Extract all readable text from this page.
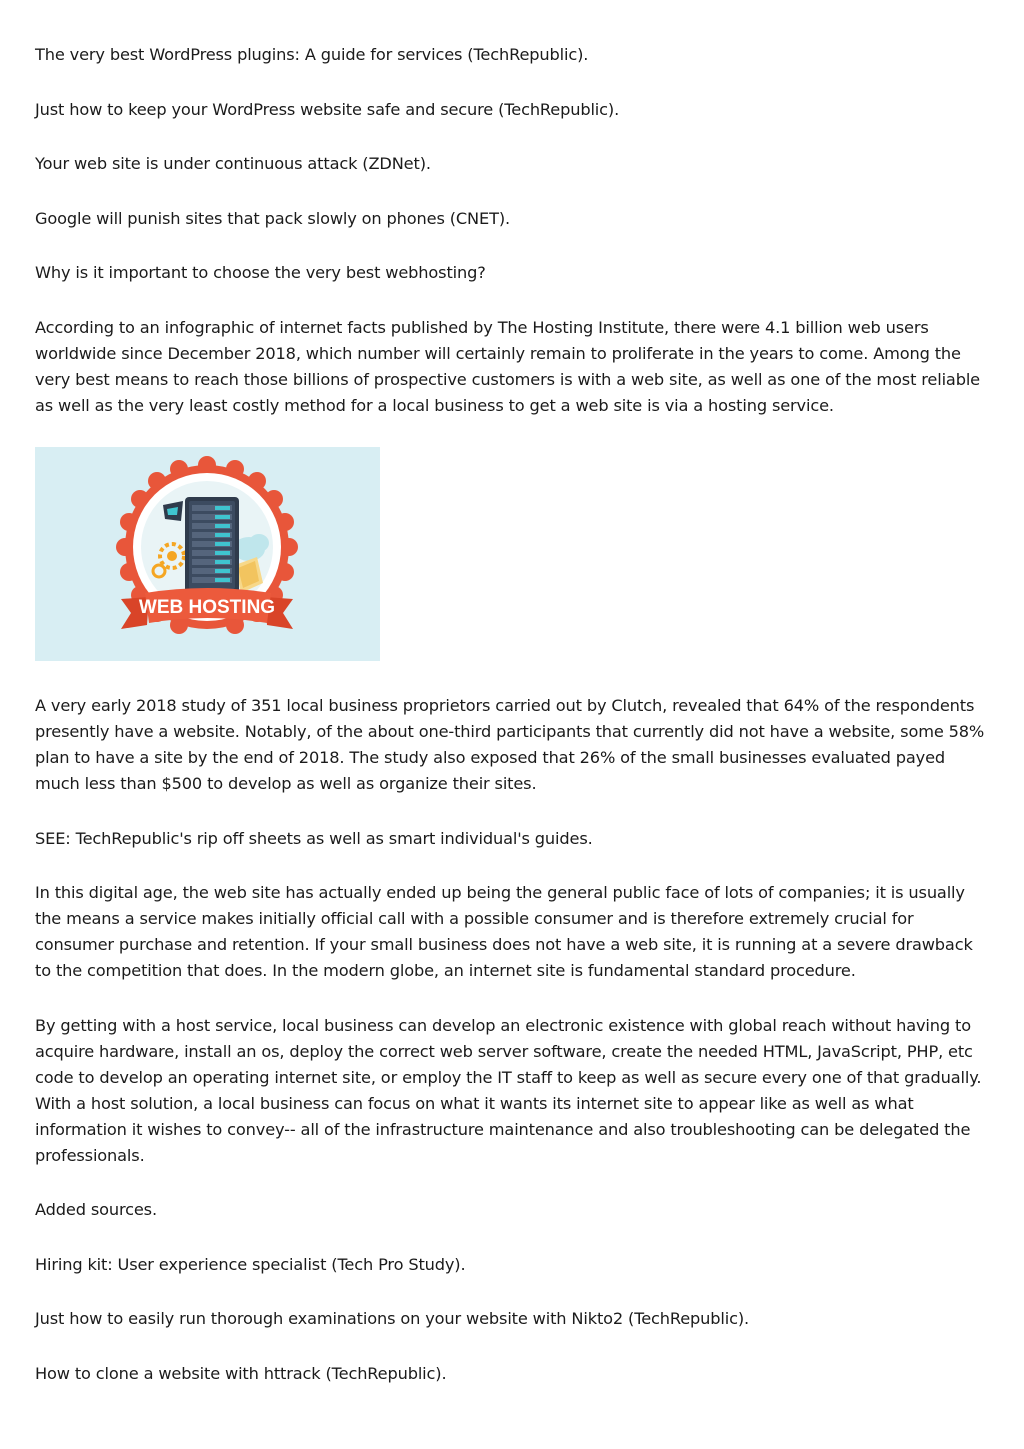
The very best WordPress plugins: A guide for services (TechRepublic).

Just how to keep your WordPress website safe and secure (TechRepublic).

Your web site is under continuous attack (ZDNet).

Google will punish sites that pack slowly on phones (CNET).

Why is it important to choose the very best webhosting?

According to an infographic of internet facts published by The Hosting Institute, there were 4.1 billion web users worldwide since December 2018, which number will certainly remain to proliferate in the years to come. Among the very best means to reach those billions of prospective customers is with a web site, as well as one of the most reliable as well as the very least costly method for a local business to get a web site is via a hosting service.

WEB HOSTING

A very early 2018 study of 351 local business proprietors carried out by Clutch, revealed that 64% of the respondents presently have a website. Notably, of the about one-third participants that currently did not have a website, some 58% plan to have a site by the end of 2018. The study also exposed that 26% of the small businesses evaluated payed much less than $500 to develop as well as organize their sites.

SEE: TechRepublic's rip off sheets as well as smart individual's guides.

In this digital age, the web site has actually ended up being the general public face of lots of companies; it is usually the means a service makes initially official call with a possible consumer and is therefore extremely crucial for consumer purchase and retention. If your small business does not have a web site, it is running at a severe drawback to the competition that does. In the modern globe, an internet site is fundamental standard procedure.

By getting with a host service, local business can develop an electronic existence with global reach without having to acquire hardware, install an os, deploy the correct web server software, create the needed HTML, JavaScript, PHP, etc code to develop an operating internet site, or employ the IT staff to keep as well as secure every one of that gradually. With a host solution, a local business can focus on what it wants its internet site to appear like as well as what information it wishes to convey-- all of the infrastructure maintenance and also troubleshooting can be delegated the professionals.

Added sources.

Hiring kit: User experience specialist (Tech Pro Study).

Just how to easily run thorough examinations on your website with Nikto2 (TechRepublic).

How to clone a website with httrack (TechRepublic).
